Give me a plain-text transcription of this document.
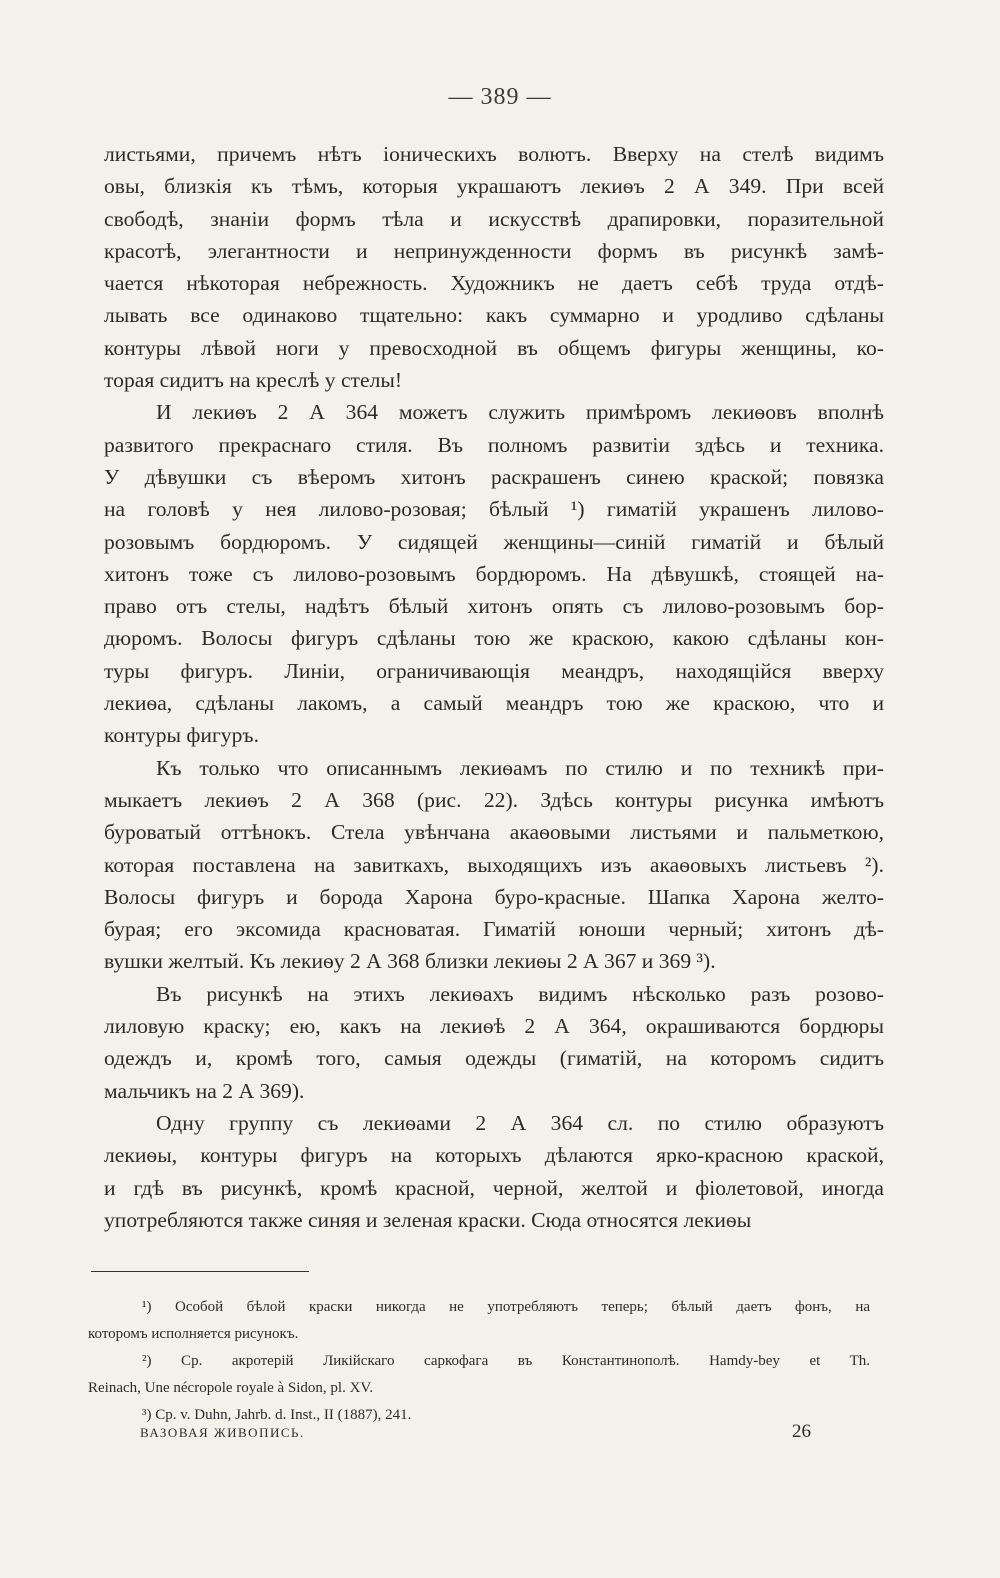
— 389 —
листьями, причемъ нѣтъ іоническихъ волютъ. Вверху на стелѣ видимъ
овы, близкія къ тѣмъ, которыя украшаютъ лекиѳъ 2 А 349. При всей
свободѣ, знаніи формъ тѣла и искусствѣ драпировки, поразительной
красотѣ, элегантности и непринужденности формъ въ рисункѣ замѣ-
чается нѣкоторая небрежность. Художникъ не даетъ себѣ труда отдѣ-
лывать все одинаково тщательно: какъ суммарно и уродливо сдѣланы
контуры лѣвой ноги у превосходной въ общемъ фигуры женщины, ко-
торая сидитъ на креслѣ у стелы!
И лекиѳъ 2 А 364 можетъ служить примѣромъ лекиѳовъ вполнѣ
развитого прекраснаго стиля. Въ полномъ развитіи здѣсь и техника.
У дѣвушки съ вѣеромъ хитонъ раскрашенъ синею краской; повязка
на головѣ у нея лилово-розовая; бѣлый ¹) гиматій украшенъ лилово-
розовымъ бордюромъ. У сидящей женщины—синій гиматій и бѣлый
хитонъ тоже съ лилово-розовымъ бордюромъ. На дѣвушкѣ, стоящей на-
право отъ стелы, надѣтъ бѣлый хитонъ опять съ лилово-розовымъ бор-
дюромъ. Волосы фигуръ сдѣланы тою же краскою, какою сдѣланы кон-
туры фигуръ. Линіи, ограничивающія меандръ, находящійся вверху
лекиѳа, сдѣланы лакомъ, а самый меандръ тою же краскою, что и
контуры фигуръ.
Къ только что описаннымъ лекиѳамъ по стилю и по техникѣ при-
мыкаетъ лекиѳъ 2 А 368 (рис. 22). Здѣсь контуры рисунка имѣютъ
буроватый оттѣнокъ. Стела увѣнчана акаѳовыми листьями и пальметкою,
которая поставлена на завиткахъ, выходящихъ изъ акаѳовыхъ листьевъ ²).
Волосы фигуръ и борода Харона буро-красные. Шапка Харона желто-
бурая; его эксомида красноватая. Гиматій юноши черный; хитонъ дѣ-
вушки желтый. Къ лекиѳу 2 А 368 близки лекиѳы 2 А 367 и 369 ³).
Въ рисункѣ на этихъ лекиѳахъ видимъ нѣсколько разъ розово-
лиловую краску; ею, какъ на лекиѳѣ 2 А 364, окрашиваются бордюры
одеждъ и, кромѣ того, самыя одежды (гиматій, на которомъ сидитъ
мальчикъ на 2 А 369).
Одну группу съ лекиѳами 2 А 364 сл. по стилю образуютъ
лекиѳы, контуры фигуръ на которыхъ дѣлаются ярко-красною краской,
и гдѣ въ рисункѣ, кромѣ красной, черной, желтой и фіолетовой, иногда
употребляются также синяя и зеленая краски. Сюда относятся лекиѳы
¹) Особой бѣлой краски никогда не употребляютъ теперь; бѣлый даетъ фонъ, на
которомъ исполняется рисунокъ.
²) Ср. акротерій Ликійскаго саркофага въ Константинополѣ. Hamdy-bey et Th.
Reinach, Une nécropole royale à Sidon, pl. XV.
³) Ср. v. Duhn, Jahrb. d. Inst., II (1887), 241.
ВАЗОВАЯ ЖИВОПИСЬ.	26
